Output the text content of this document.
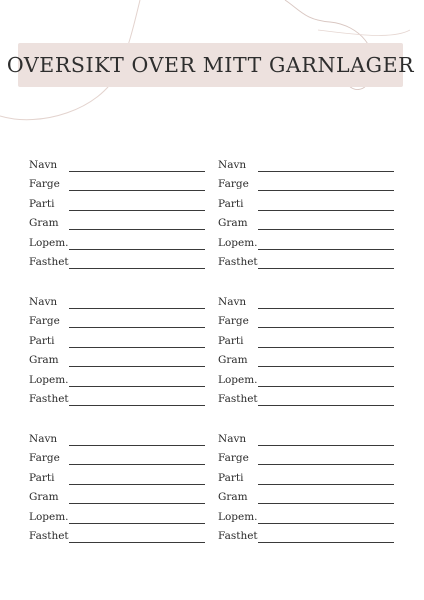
OVERSIKT OVER MITT GARNLAGER
Navn
Farge
Parti
Gram
Lopem.
Fasthet
Navn
Farge
Parti
Gram
Lopem.
Fasthet
Navn
Farge
Parti
Gram
Lopem.
Fasthet
Navn
Farge
Parti
Gram
Lopem.
Fasthet
Navn
Farge
Parti
Gram
Lopem.
Fasthet
Navn
Farge
Parti
Gram
Lopem.
Fasthet
